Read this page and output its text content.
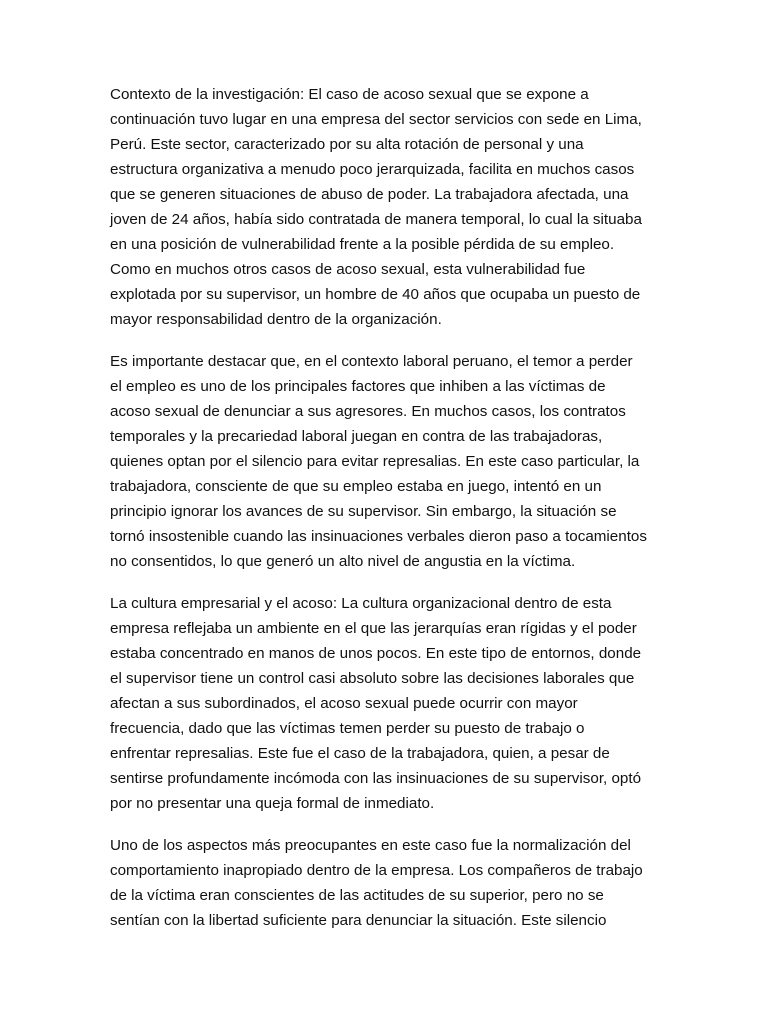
Contexto de la investigación: El caso de acoso sexual que se expone a
continuación tuvo lugar en una empresa del sector servicios con sede en Lima,
Perú. Este sector, caracterizado por su alta rotación de personal y una
estructura organizativa a menudo poco jerarquizada, facilita en muchos casos
que se generen situaciones de abuso de poder. La trabajadora afectada, una
joven de 24 años, había sido contratada de manera temporal, lo cual la situaba
en una posición de vulnerabilidad frente a la posible pérdida de su empleo.
Como en muchos otros casos de acoso sexual, esta vulnerabilidad fue
explotada por su supervisor, un hombre de 40 años que ocupaba un puesto de
mayor responsabilidad dentro de la organización.

Es importante destacar que, en el contexto laboral peruano, el temor a perder
el empleo es uno de los principales factores que inhiben a las víctimas de
acoso sexual de denunciar a sus agresores. En muchos casos, los contratos
temporales y la precariedad laboral juegan en contra de las trabajadoras,
quienes optan por el silencio para evitar represalias. En este caso particular, la
trabajadora, consciente de que su empleo estaba en juego, intentó en un
principio ignorar los avances de su supervisor. Sin embargo, la situación se
tornó insostenible cuando las insinuaciones verbales dieron paso a tocamientos
no consentidos, lo que generó un alto nivel de angustia en la víctima.

La cultura empresarial y el acoso: La cultura organizacional dentro de esta
empresa reflejaba un ambiente en el que las jerarquías eran rígidas y el poder
estaba concentrado en manos de unos pocos. En este tipo de entornos, donde
el supervisor tiene un control casi absoluto sobre las decisiones laborales que
afectan a sus subordinados, el acoso sexual puede ocurrir con mayor
frecuencia, dado que las víctimas temen perder su puesto de trabajo o
enfrentar represalias. Este fue el caso de la trabajadora, quien, a pesar de
sentirse profundamente incómoda con las insinuaciones de su supervisor, optó
por no presentar una queja formal de inmediato.

Uno de los aspectos más preocupantes en este caso fue la normalización del
comportamiento inapropiado dentro de la empresa. Los compañeros de trabajo
de la víctima eran conscientes de las actitudes de su superior, pero no se
sentían con la libertad suficiente para denunciar la situación. Este silencio
